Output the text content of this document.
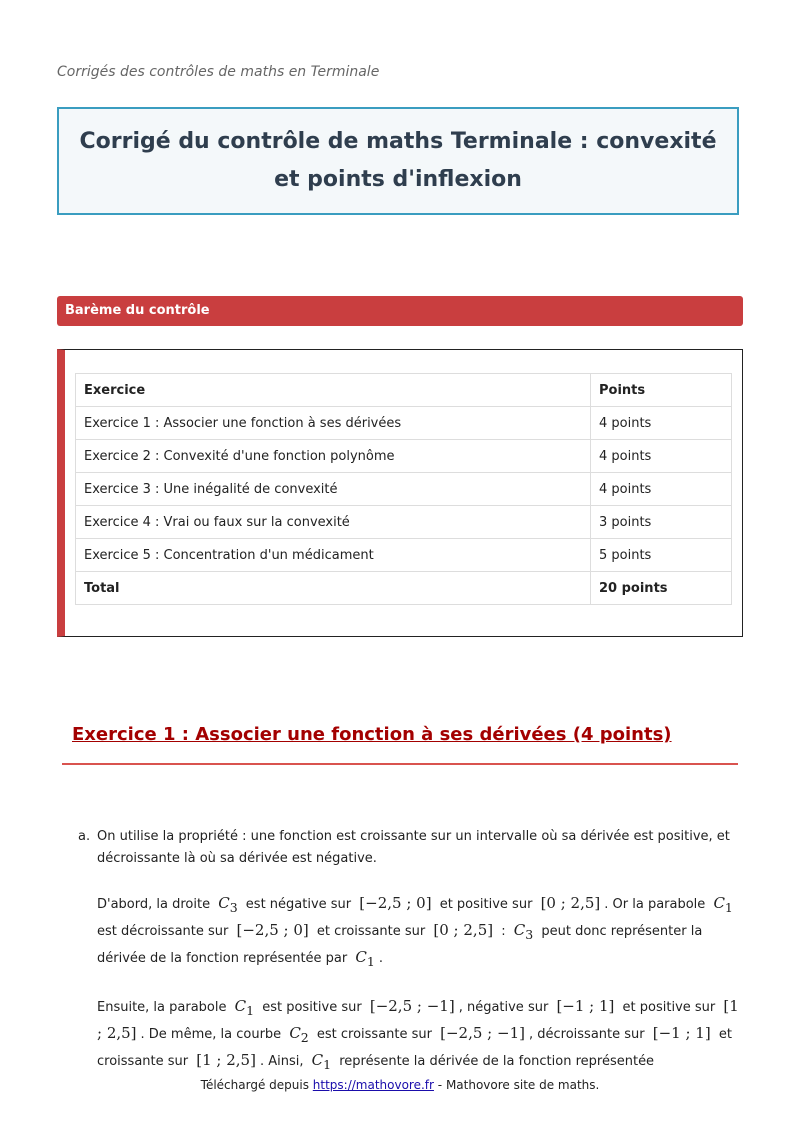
Corrigés des contrôles de maths en Terminale
Corrigé du contrôle de maths Terminale : convexité et points d'inflexion
Barème du contrôle
Exercice	Points
Exercice 1 : Associer une fonction à ses dérivées	4 points
Exercice 2 : Convexité d'une fonction polynôme	4 points
Exercice 3 : Une inégalité de convexité	4 points
Exercice 4 : Vrai ou faux sur la convexité	3 points
Exercice 5 : Concentration d'un médicament	5 points
Total	20 points
Exercice 1 : Associer une fonction à ses dérivées (4 points)
a. On utilise la propriété : une fonction est croissante sur un intervalle où sa dérivée est positive, et décroissante là où sa dérivée est négative.

D'abord, la droite $C_3$ est négative sur [−2,5 ; 0] et positive sur [0 ; 2,5] . Or la parabole $C_1$ est décroissante sur [−2,5 ; 0] et croissante sur [0 ; 2,5] : $C_3$ peut donc représenter la dérivée de la fonction représentée par $C_1$ .

Ensuite, la parabole $C_1$ est positive sur [−2,5 ; −1] , négative sur [−1 ; 1] et positive sur [1 ; 2,5] . De même, la courbe $C_2$ est croissante sur [−2,5 ; −1] , décroissante sur [−1 ; 1] et croissante sur [1 ; 2,5] . Ainsi, $C_1$ représente la dérivée de la fonction représentée

Téléchargé depuis https://mathovore.fr - Mathovore site de maths.
